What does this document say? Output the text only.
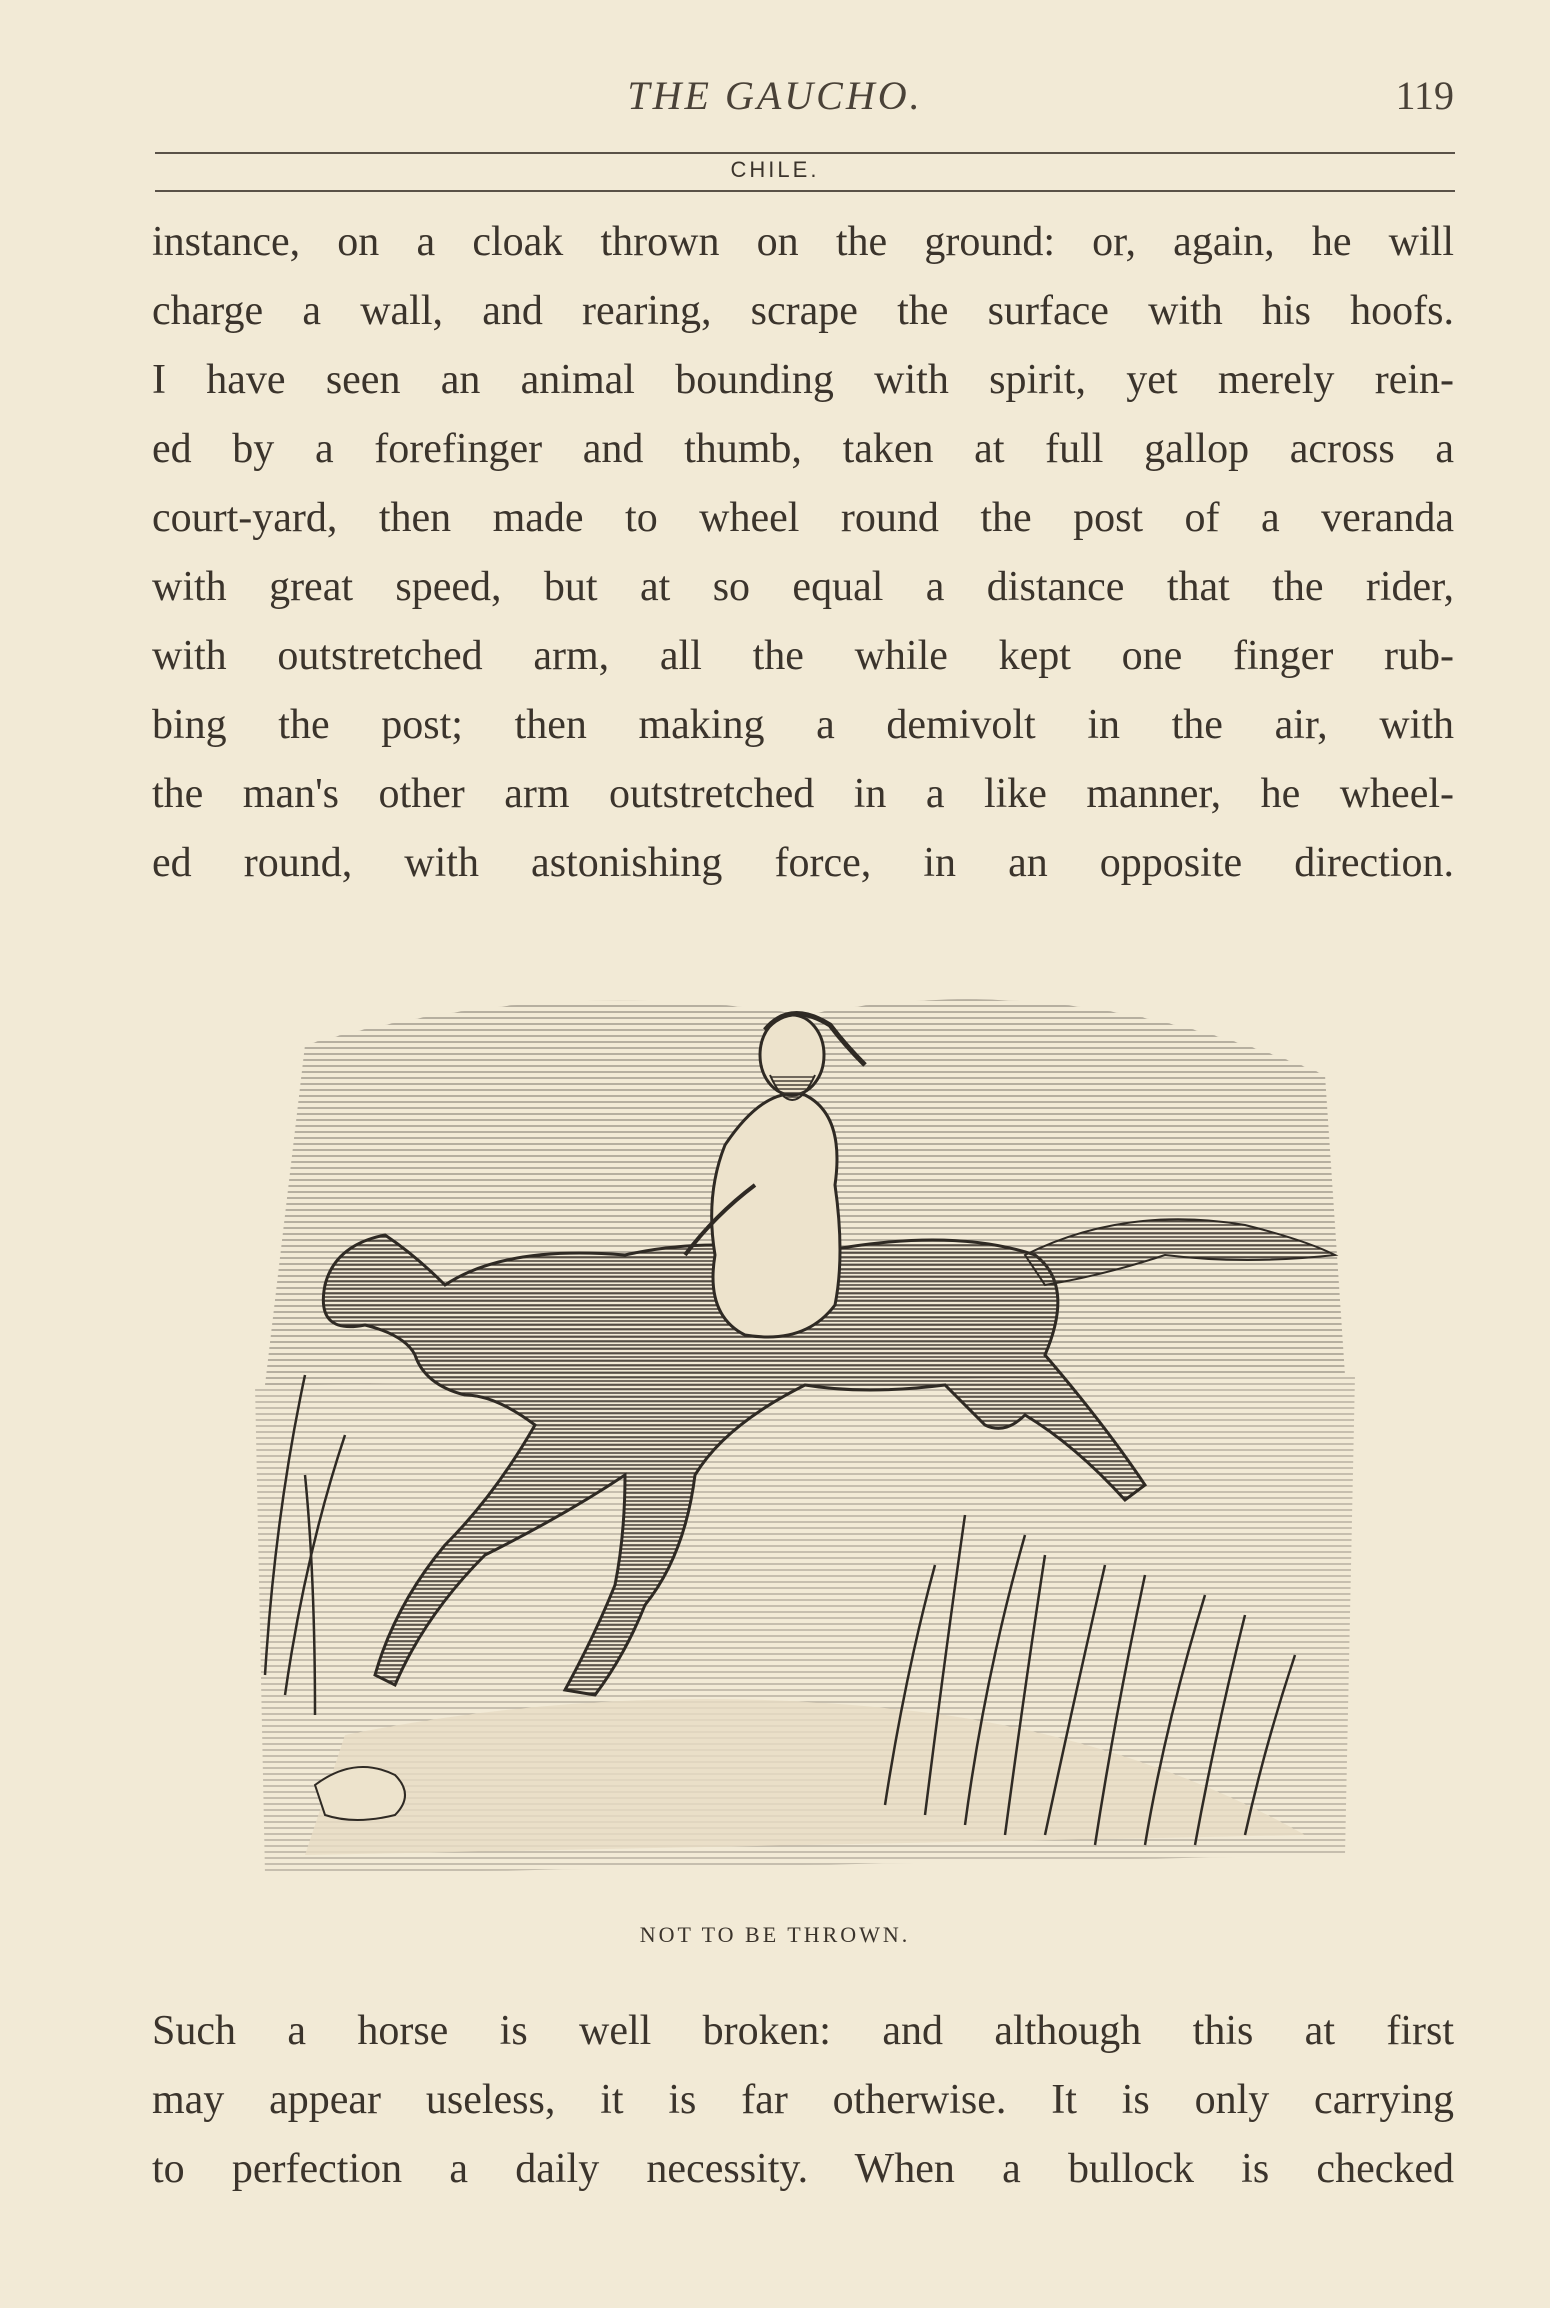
THE GAUCHO.	119
CHILE.
instance, on a cloak thrown on the ground: or, again, he will
charge a wall, and rearing, scrape the surface with his hoofs.
I have seen an animal bounding with spirit, yet merely rein-
ed by a forefinger and thumb, taken at full gallop across a
court-yard, then made to wheel round the post of a veranda
with great speed, but at so equal a distance that the rider,
with outstretched arm, all the while kept one finger rub-
bing the post; then making a demivolt in the air, with
the man's other arm outstretched in a like manner, he wheel-
ed round, with astonishing force, in an opposite direction.
NOT TO BE THROWN.
Such a horse is well broken: and although this at first
may appear useless, it is far otherwise. It is only carrying
to perfection a daily necessity. When a bullock is checked
